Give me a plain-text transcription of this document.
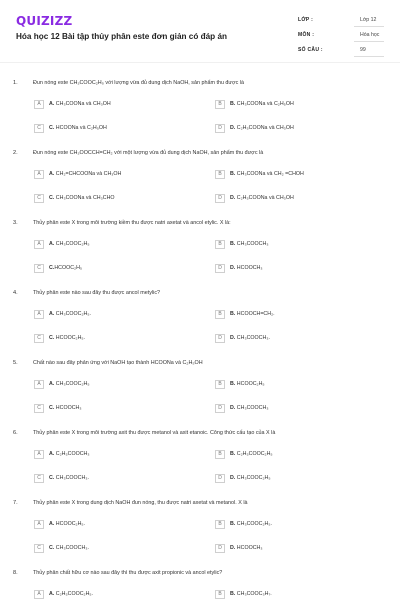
QUIZIZZ
Hóa học 12 Bài tập thủy phân este đơn giản có đáp án
LỚP :	Lớp 12
MÔN :	Hóa học
SỐ CÂU :	99
1.	Đun nóng este CH₃COOC₂H₅ với lượng vừa đủ dung dịch NaOH, sản phẩm thu được là
A	A. CH₃COONa và CH₃OH	B	B. CH₃COONa và C₂H₅OH
C	C. HCOONa và C₂H₅OH	D	D. C₂H₅COONa và CH₃OH
2.	Đun nóng este CH₃OOCCH=CH₂ với một lượng vừa đủ dung dịch NaOH, sản phẩm thu được là
A	A. CH₂=CHCOONa và CH₃OH	B	B. CH₃COONa và CH₂ =CHOH
C	C. CH₃COONa và CH₃CHO	D	D. C₂H₅COONa và CH₃OH
3.	Thủy phân este X trong môi trường kiềm thu được natri axetat và ancol etylic. X là:
A	A. CH₃COOC₂H₅	B	B. CH₃COOCH₃
C	C.HCOOC₂H₅	D	D. HCOOCH₃
4.	Thủy phân este nào sau đây thu được ancol metylic?
A	A. CH₃COOC₂H₅.	B	B. HCOOCH=CH₂.
C	C. HCOOC₂H₅.	D	D. CH₃COOCH₃.
5.	Chất nào sau đây phản ứng với NaOH tạo thành HCOONa và C₂H₅OH
A	A. CH₃COOC₂H₅	B	B. HCOOC₂H₅
C	C. HCOOCH₃	D	D. CH₃COOCH₃
6.	Thủy phân este X trong môi trường axit thu được metanol và axit etanoic. Công thức cấu tạo của X là
A	A. C₂H₅COOCH₃	B	B. C₂H₅COOC₂H₅
C	C. CH₃COOCH₃.	D	D. CH₃COOC₂H₅
7.	Thủy phân este X trong dung dịch NaOH đun nóng, thu được natri axetat và metanol. X là
A	A. HCOOC₂H₅.	B	B. CH₃COOC₂H₅.
C	C. CH₃COOCH₃.	D	D. HCOOCH₃
8.	Thủy phân chất hữu cơ nào sau đây thì thu được axit propionic và ancol etylic?
A	A. C₂H₅COOC₂H₅.	B	B. CH₃COOC₃H₇.
